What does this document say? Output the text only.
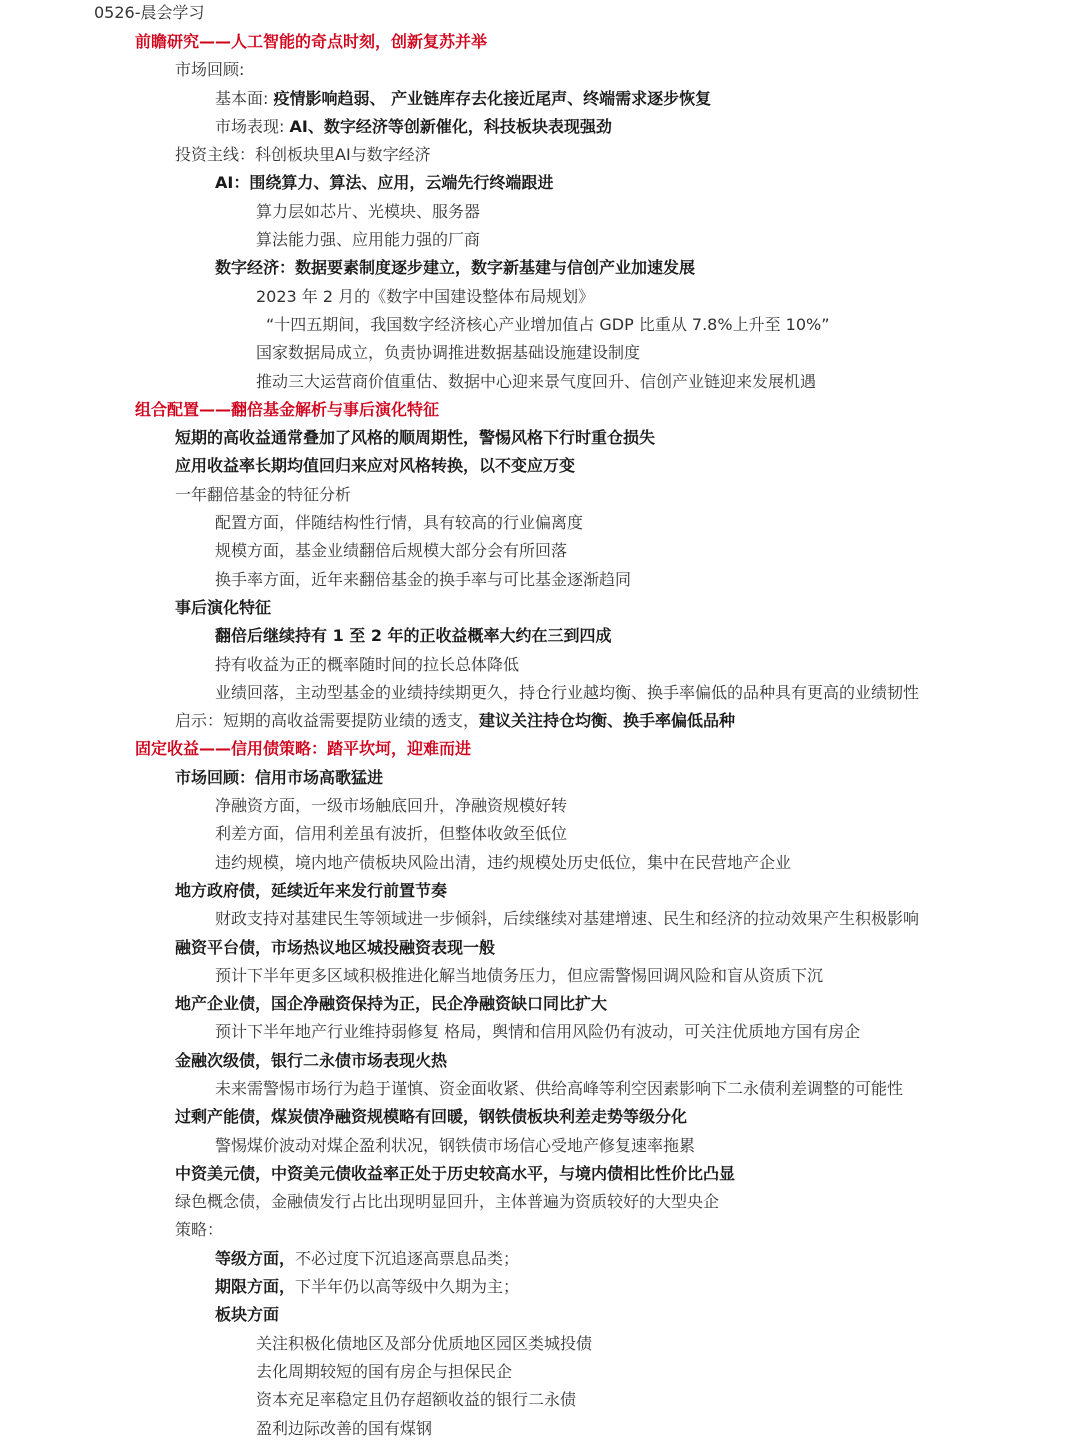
0526-晨会学习
前瞻研究——人工智能的奇点时刻，创新复苏并举
市场回顾:
基本面: 疫情影响趋弱、 产业链库存去化接近尾声、终端需求逐步恢复
市场表现: AI、数字经济等创新催化，科技板块表现强劲
投资主线：科创板块里AI与数字经济
AI：围绕算力、算法、应用，云端先行终端跟进
算力层如芯片、光模块、服务器
算法能力强、应用能力强的厂商
数字经济：数据要素制度逐步建立，数字新基建与信创产业加速发展
2023 年 2 月的《数字中国建设整体布局规划》
“十四五期间，我国数字经济核心产业增加值占 GDP 比重从 7.8%上升至 10%”
国家数据局成立，负责协调推进数据基础设施建设制度
推动三大运营商价值重估、数据中心迎来景气度回升、信创产业链迎来发展机遇
组合配置——翻倍基金解析与事后演化特征
短期的高收益通常叠加了风格的顺周期性，警惕风格下行时重仓损失
应用收益率长期均值回归来应对风格转换，以不变应万变
一年翻倍基金的特征分析
配置方面，伴随结构性行情，具有较高的行业偏离度
规模方面，基金业绩翻倍后规模大部分会有所回落
换手率方面，近年来翻倍基金的换手率与可比基金逐渐趋同
事后演化特征
翻倍后继续持有 1 至 2 年的正收益概率大约在三到四成
持有收益为正的概率随时间的拉长总体降低
业绩回落，主动型基金的业绩持续期更久，持仓行业越均衡、换手率偏低的品种具有更高的业绩韧性
启示：短期的高收益需要提防业绩的透支，建议关注持仓均衡、换手率偏低品种
固定收益——信用债策略：踏平坎坷，迎难而进
市场回顾：信用市场高歌猛进
净融资方面，一级市场触底回升，净融资规模好转
利差方面，信用利差虽有波折，但整体收敛至低位
违约规模，境内地产债板块风险出清，违约规模处历史低位，集中在民营地产企业
地方政府债，延续近年来发行前置节奏
财政支持对基建民生等领域进一步倾斜，后续继续对基建增速、民生和经济的拉动效果产生积极影响
融资平台债，市场热议地区城投融资表现一般
预计下半年更多区域积极推进化解当地债务压力，但应需警惕回调风险和盲从资质下沉
地产企业债，国企净融资保持为正，民企净融资缺口同比扩大
预计下半年地产行业维持弱修复 格局，舆情和信用风险仍有波动，可关注优质地方国有房企
金融次级债，银行二永债市场表现火热
未来需警惕市场行为趋于谨慎、资金面收紧、供给高峰等利空因素影响下二永债利差调整的可能性
过剩产能债，煤炭债净融资规模略有回暖，钢铁债板块利差走势等级分化
警惕煤价波动对煤企盈利状况，钢铁债市场信心受地产修复速率拖累
中资美元债，中资美元债收益率正处于历史较高水平，与境内债相比性价比凸显
绿色概念债，金融债发行占比出现明显回升，主体普遍为资质较好的大型央企
策略：
等级方面，不必过度下沉追逐高票息品类；
期限方面，下半年仍以高等级中久期为主；
板块方面
关注积极化债地区及部分优质地区园区类城投债
去化周期较短的国有房企与担保民企
资本充足率稳定且仍存超额收益的银行二永债
盈利边际改善的国有煤钢
